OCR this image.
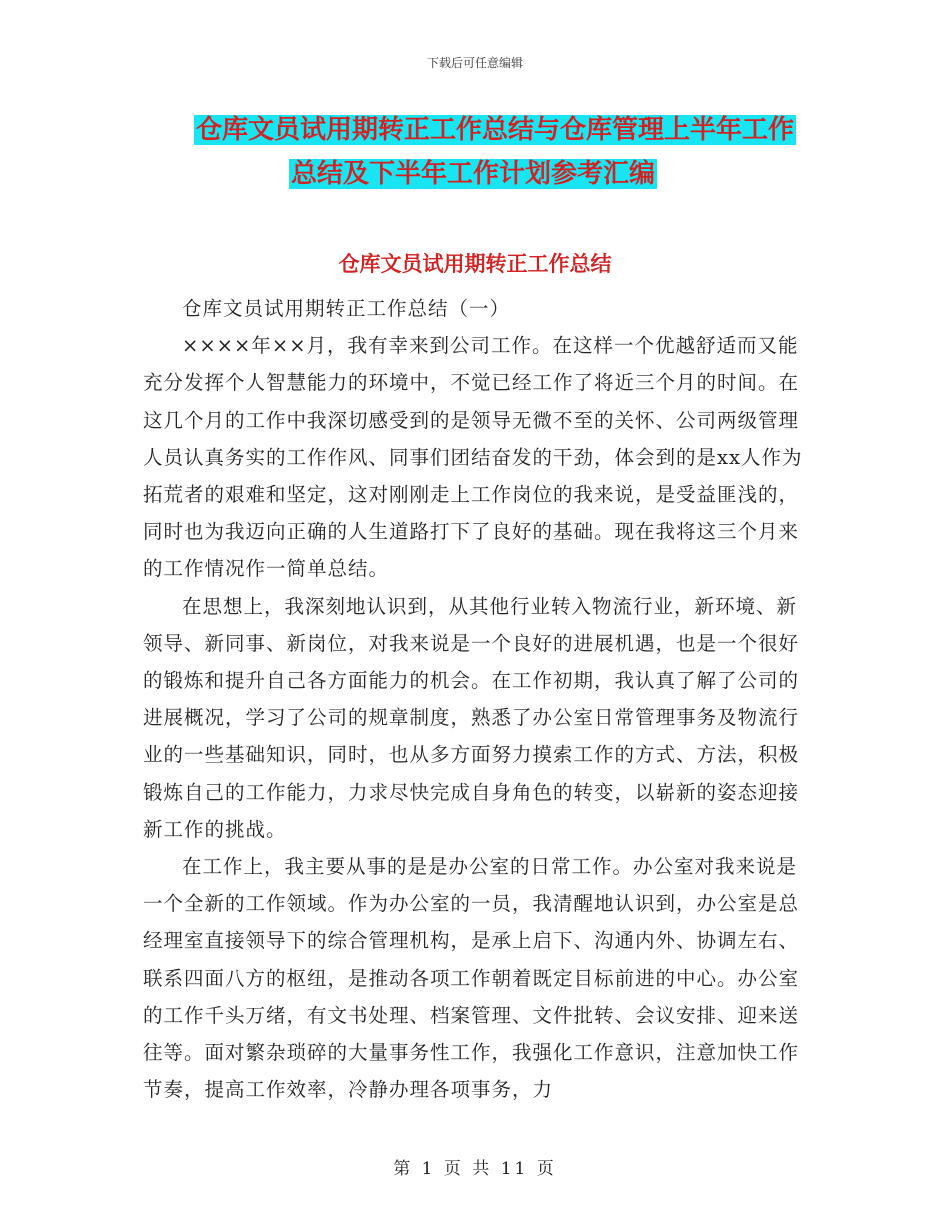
下载后可任意编辑
仓库文员试用期转正工作总结与仓库管理上半年工作
总结及下半年工作计划参考汇编
仓库文员试用期转正工作总结

仓库文员试用期转正工作总结（一）

××××年××月，我有幸来到公司工作。在这样一个优越舒适而又能充分发挥个人智慧能力的环境中，不觉已经工作了将近三个月的时间。在这几个月的工作中我深切感受到的是领导无微不至的关怀、公司两级管理人员认真务实的工作作风、同事们团结奋发的干劲，体会到的是xx人作为拓荒者的艰难和坚定，这对刚刚走上工作岗位的我来说，是受益匪浅的，同时也为我迈向正确的人生道路打下了良好的基础。现在我将这三个月来的工作情况作一简单总结。

在思想上，我深刻地认识到，从其他行业转入物流行业，新环境、新领导、新同事、新岗位，对我来说是一个良好的进展机遇，也是一个很好的锻炼和提升自己各方面能力的机会。在工作初期，我认真了解了公司的进展概况，学习了公司的规章制度，熟悉了办公室日常管理事务及物流行业的一些基础知识，同时，也从多方面努力摸索工作的方式、方法，积极锻炼自己的工作能力，力求尽快完成自身角色的转变，以崭新的姿态迎接新工作的挑战。

在工作上，我主要从事的是是办公室的日常工作。办公室对我来说是一个全新的工作领域。作为办公室的一员，我清醒地认识到，办公室是总经理室直接领导下的综合管理机构，是承上启下、沟通内外、协调左右、联系四面八方的枢纽，是推动各项工作朝着既定目标前进的中心。办公室的工作千头万绪，有文书处理、档案管理、文件批转、会议安排、迎来送往等。面对繁杂琐碎的大量事务性工作，我强化工作意识，注意加快工作节奏，提高工作效率，冷静办理各项事务，力

第 1 页 共 11 页
